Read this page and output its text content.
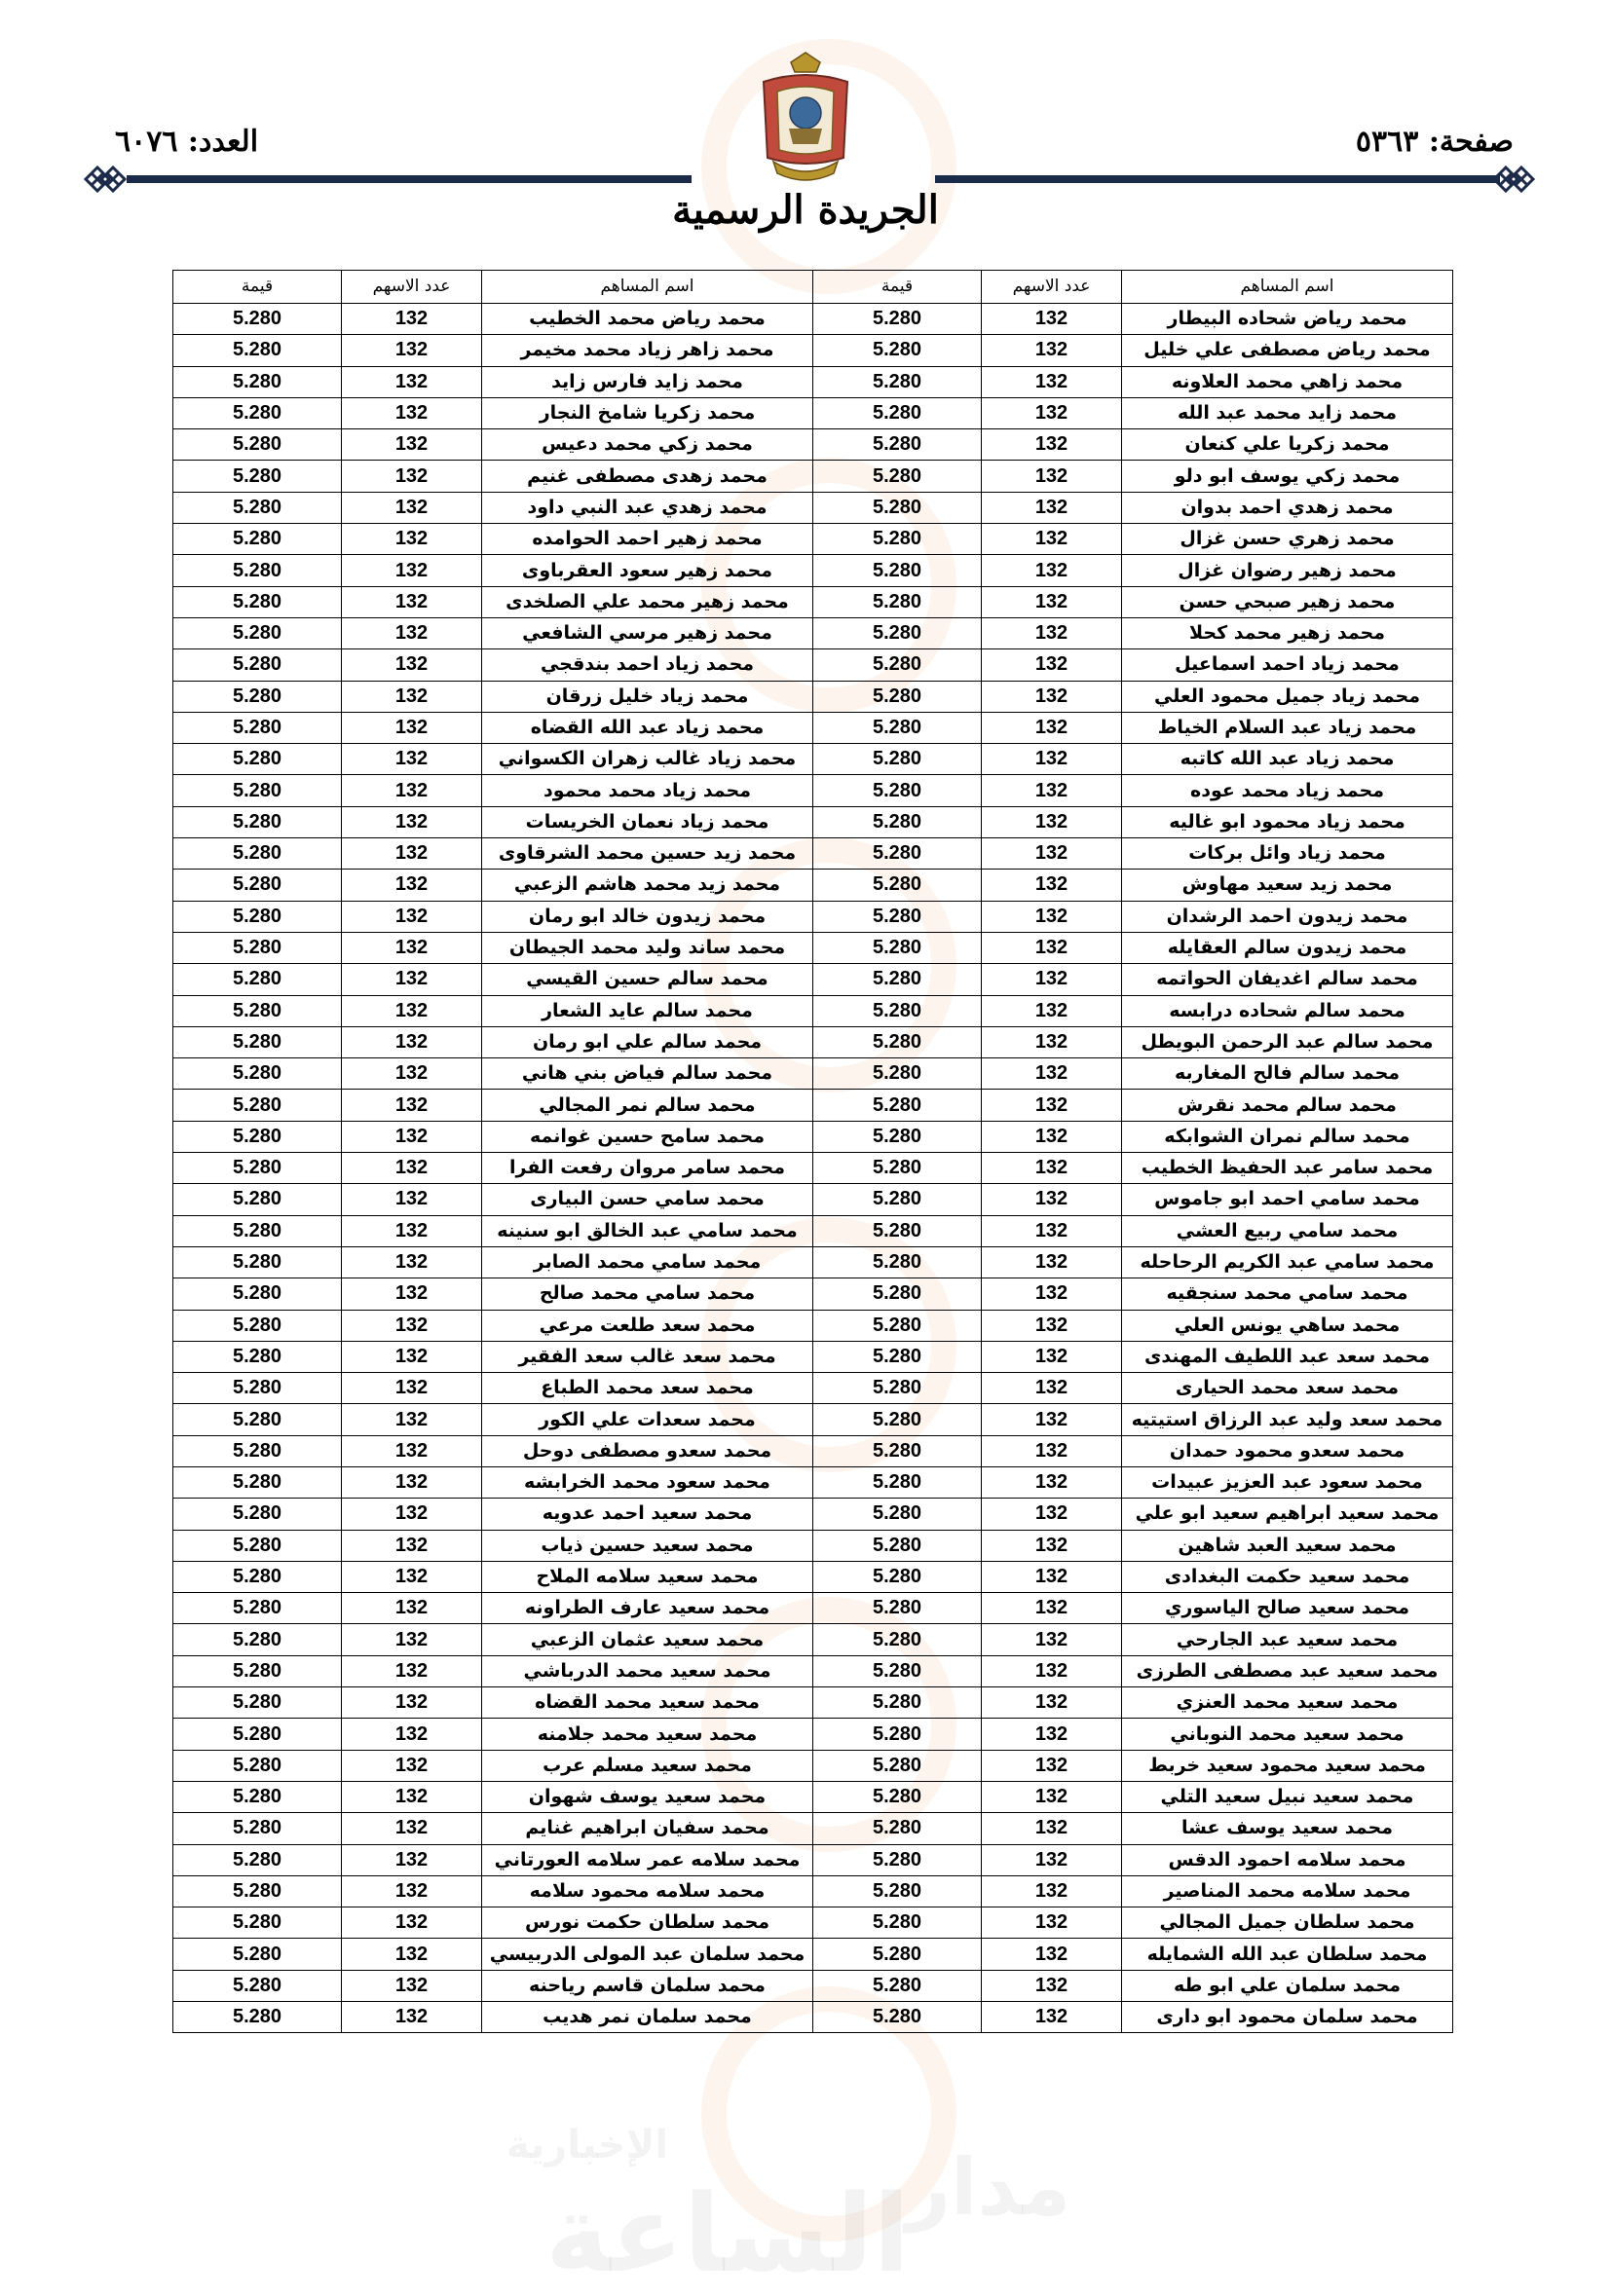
مدار
الإخبارية
الساعة
صفحة: ٥٣٦٣
العدد: ٦٠٧٦
الجريدة الرسمية
اسم المساهم	عدد الاسهم	قيمة	اسم المساهم	عدد الاسهم	قيمة
محمد رياض شحاده البيطار	132	5.280	محمد رياض محمد الخطيب	132	5.280
محمد رياض مصطفى علي خليل	132	5.280	محمد زاهر زياد محمد مخيمر	132	5.280
محمد زاهي محمد العلاونه	132	5.280	محمد زايد فارس زايد	132	5.280
محمد زايد محمد عبد الله	132	5.280	محمد زكريا شامخ النجار	132	5.280
محمد زكريا علي كنعان	132	5.280	محمد زكي محمد دعيس	132	5.280
محمد زكي يوسف ابو دلو	132	5.280	محمد زهدى مصطفى غنيم	132	5.280
محمد زهدي احمد بدوان	132	5.280	محمد زهدي عبد النبي داود	132	5.280
محمد زهري حسن غزال	132	5.280	محمد زهير احمد الحوامده	132	5.280
محمد زهير رضوان غزال	132	5.280	محمد زهير سعود العقرباوى	132	5.280
محمد زهير صبحي حسن	132	5.280	محمد زهير محمد علي الصلخدى	132	5.280
محمد زهير محمد كحلا	132	5.280	محمد زهير مرسي الشافعي	132	5.280
محمد زياد احمد اسماعيل	132	5.280	محمد زياد احمد بندقجي	132	5.280
محمد زياد جميل محمود العلي	132	5.280	محمد زياد خليل زرقان	132	5.280
محمد زياد عبد السلام الخياط	132	5.280	محمد زياد عبد الله القضاه	132	5.280
محمد زياد عبد الله كاتبه	132	5.280	محمد زياد غالب زهران الكسواني	132	5.280
محمد زياد محمد عوده	132	5.280	محمد زياد محمد محمود	132	5.280
محمد زياد محمود ابو غاليه	132	5.280	محمد زياد نعمان الخريسات	132	5.280
محمد زياد وائل بركات	132	5.280	محمد زيد حسين محمد الشرقاوى	132	5.280
محمد زيد سعيد مهاوش	132	5.280	محمد زيد محمد هاشم الزعبي	132	5.280
محمد زيدون احمد الرشدان	132	5.280	محمد زيدون خالد ابو رمان	132	5.280
محمد زيدون سالم العقايله	132	5.280	محمد ساند وليد محمد الجيطان	132	5.280
محمد سالم اغديفان الحواتمه	132	5.280	محمد سالم حسين القيسي	132	5.280
محمد سالم شحاده درابسه	132	5.280	محمد سالم عايد الشعار	132	5.280
محمد سالم عبد الرحمن البويطل	132	5.280	محمد سالم علي ابو رمان	132	5.280
محمد سالم فالح المغاربه	132	5.280	محمد سالم فياض بني هاني	132	5.280
محمد سالم محمد نقرش	132	5.280	محمد سالم نمر المجالي	132	5.280
محمد سالم نمران الشوابكه	132	5.280	محمد سامح حسين غوانمه	132	5.280
محمد سامر عبد الحفيظ الخطيب	132	5.280	محمد سامر مروان رفعت الفرا	132	5.280
محمد سامي احمد ابو جاموس	132	5.280	محمد سامي حسن البيارى	132	5.280
محمد سامي ربيع العشي	132	5.280	محمد سامي عبد الخالق ابو سنينه	132	5.280
محمد سامي عبد الكريم الرحاحله	132	5.280	محمد سامي محمد الصابر	132	5.280
محمد سامي محمد سنجقيه	132	5.280	محمد سامي محمد صالح	132	5.280
محمد ساهي يونس العلي	132	5.280	محمد سعد طلعت مرعي	132	5.280
محمد سعد عبد اللطيف المهندى	132	5.280	محمد سعد غالب سعد الفقير	132	5.280
محمد سعد محمد الحيارى	132	5.280	محمد سعد محمد الطباع	132	5.280
محمد سعد وليد عبد الرزاق استيتيه	132	5.280	محمد سعدات علي الكور	132	5.280
محمد سعدو محمود حمدان	132	5.280	محمد سعدو مصطفى دوحل	132	5.280
محمد سعود عبد العزيز عبيدات	132	5.280	محمد سعود محمد الخرابشه	132	5.280
محمد سعيد ابراهيم سعيد ابو علي	132	5.280	محمد سعيد احمد عدويه	132	5.280
محمد سعيد العبد شاهين	132	5.280	محمد سعيد حسين ذياب	132	5.280
محمد سعيد حكمت البغدادى	132	5.280	محمد سعيد سلامه الملاح	132	5.280
محمد سعيد صالح الياسوري	132	5.280	محمد سعيد عارف الطراونه	132	5.280
محمد سعيد عبد الجارحي	132	5.280	محمد سعيد عثمان الزعبي	132	5.280
محمد سعيد عبد مصطفى الطرزى	132	5.280	محمد سعيد محمد الدرباشي	132	5.280
محمد سعيد محمد العنزي	132	5.280	محمد سعيد محمد القضاه	132	5.280
محمد سعيد محمد النوباني	132	5.280	محمد سعيد محمد جلامنه	132	5.280
محمد سعيد محمود سعيد خربط	132	5.280	محمد سعيد مسلم عرب	132	5.280
محمد سعيد نبيل سعيد التلي	132	5.280	محمد سعيد يوسف شهوان	132	5.280
محمد سعيد يوسف عشا	132	5.280	محمد سفيان ابراهيم غنايم	132	5.280
محمد سلامه احمود الدقس	132	5.280	محمد سلامه عمر سلامه العورتاني	132	5.280
محمد سلامه محمد المناصير	132	5.280	محمد سلامه محمود سلامه	132	5.280
محمد سلطان جميل المجالي	132	5.280	محمد سلطان حكمت نورس	132	5.280
محمد سلطان عبد الله الشمايله	132	5.280	محمد سلمان عبد المولى الدربيسي	132	5.280
محمد سلمان علي ابو طه	132	5.280	محمد سلمان قاسم رياحنه	132	5.280
محمد سلمان محمود ابو دارى	132	5.280	محمد سلمان نمر هديب	132	5.280
